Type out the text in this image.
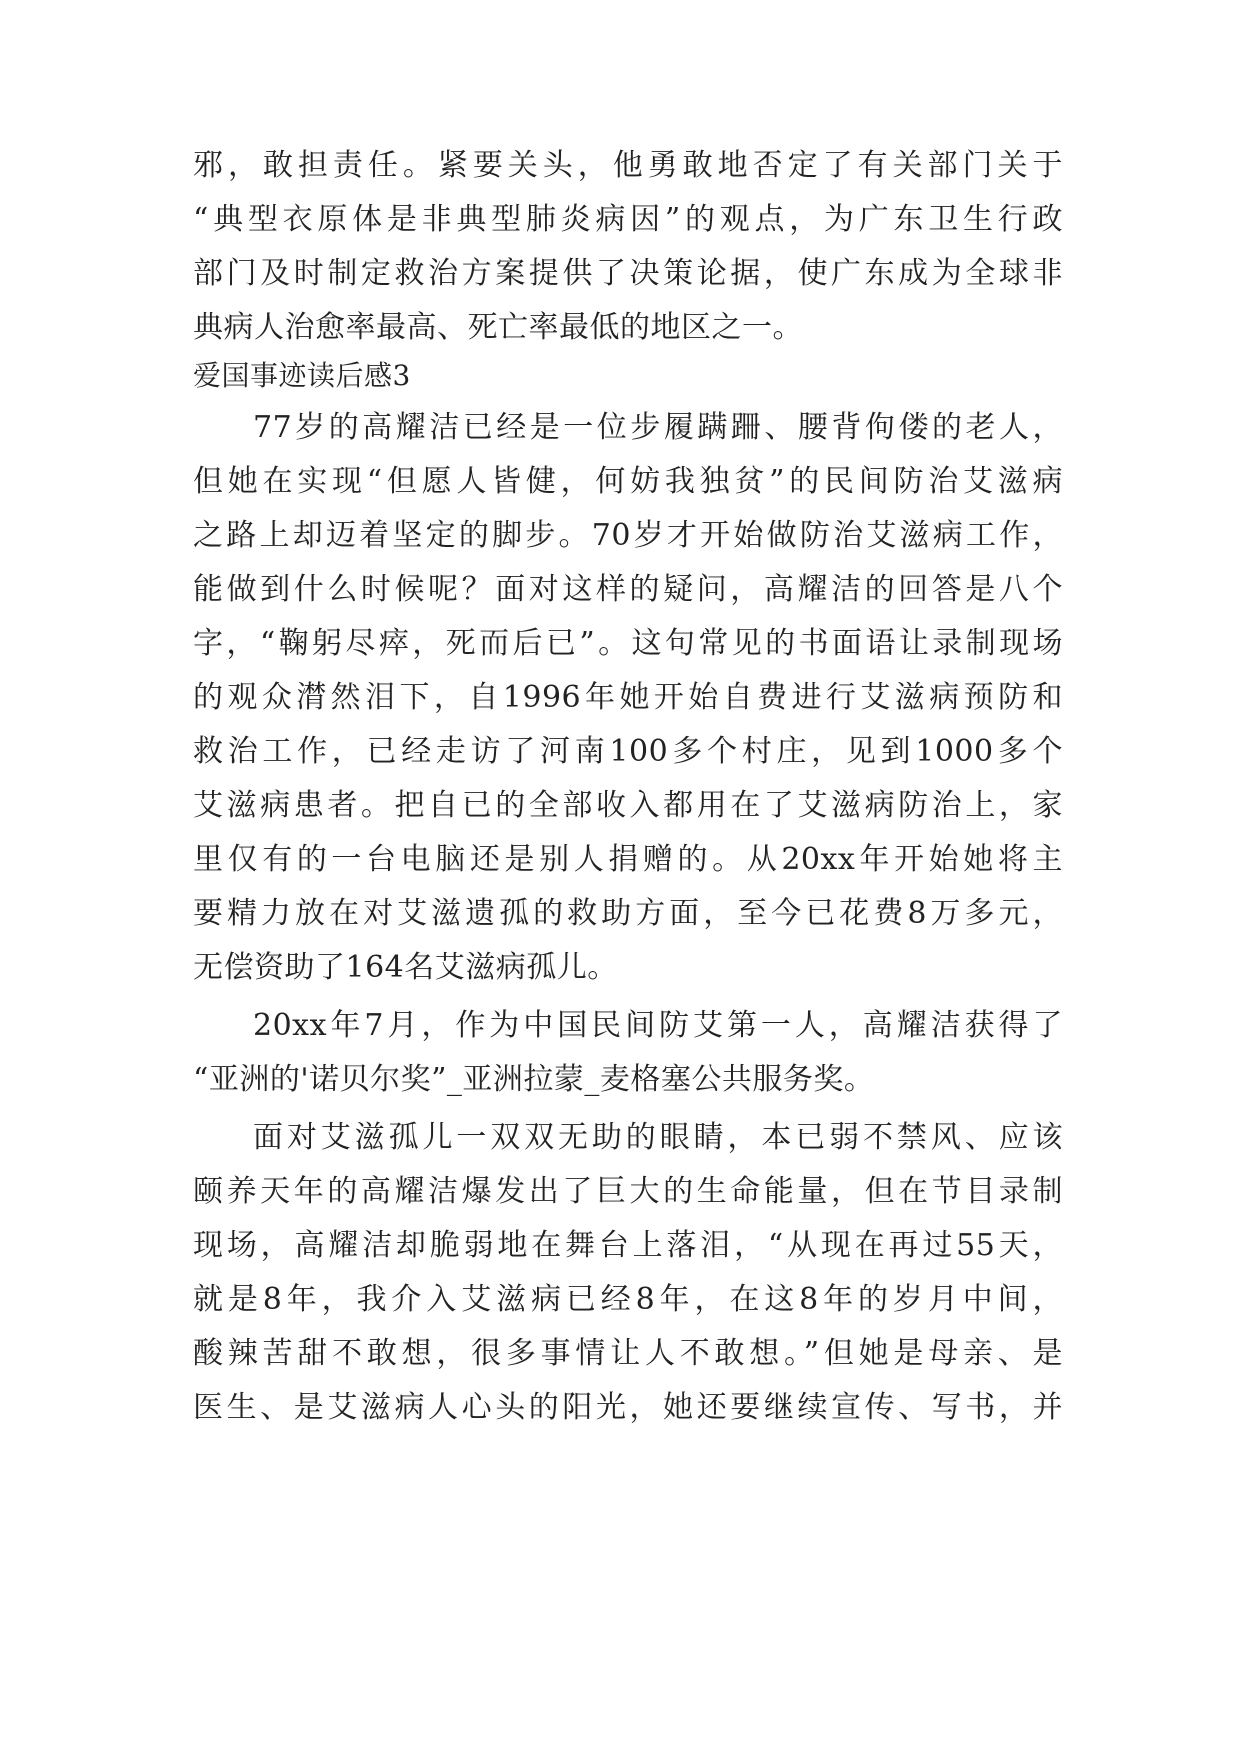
邪，敢担责任。紧要关头，他勇敢地否定了有关部门关于
“典型衣原体是非典型肺炎病因”的观点，为广东卫生行政
部门及时制定救治方案提供了决策论据，使广东成为全球非
典病人治愈率最高、死亡率最低的地区之一。
爱国事迹读后感3
77岁的高耀洁已经是一位步履蹒跚、腰背佝偻的老人，
但她在实现“但愿人皆健，何妨我独贫”的民间防治艾滋病
之路上却迈着坚定的脚步。70岁才开始做防治艾滋病工作，
能做到什么时候呢？面对这样的疑问，高耀洁的回答是八个
字，“鞠躬尽瘁，死而后已”。这句常见的书面语让录制现场
的观众潸然泪下，自1996年她开始自费进行艾滋病预防和
救治工作，已经走访了河南100多个村庄，见到1000多个
艾滋病患者。把自已的全部收入都用在了艾滋病防治上，家
里仅有的一台电脑还是别人捐赠的。从20xx年开始她将主
要精力放在对艾滋遗孤的救助方面，至今已花费8万多元，
无偿资助了164名艾滋病孤儿。
20xx年7月，作为中国民间防艾第一人，高耀洁获得了
“亚洲的'诺贝尔奖”_亚洲拉蒙_麦格塞公共服务奖。
面对艾滋孤儿一双双无助的眼睛，本已弱不禁风、应该
颐养天年的高耀洁爆发出了巨大的生命能量，但在节目录制
现场，高耀洁却脆弱地在舞台上落泪，“从现在再过55天，
就是8年，我介入艾滋病已经8年，在这8年的岁月中间，
酸辣苦甜不敢想，很多事情让人不敢想。”但她是母亲、是
医生、是艾滋病人心头的阳光，她还要继续宣传、写书，并
